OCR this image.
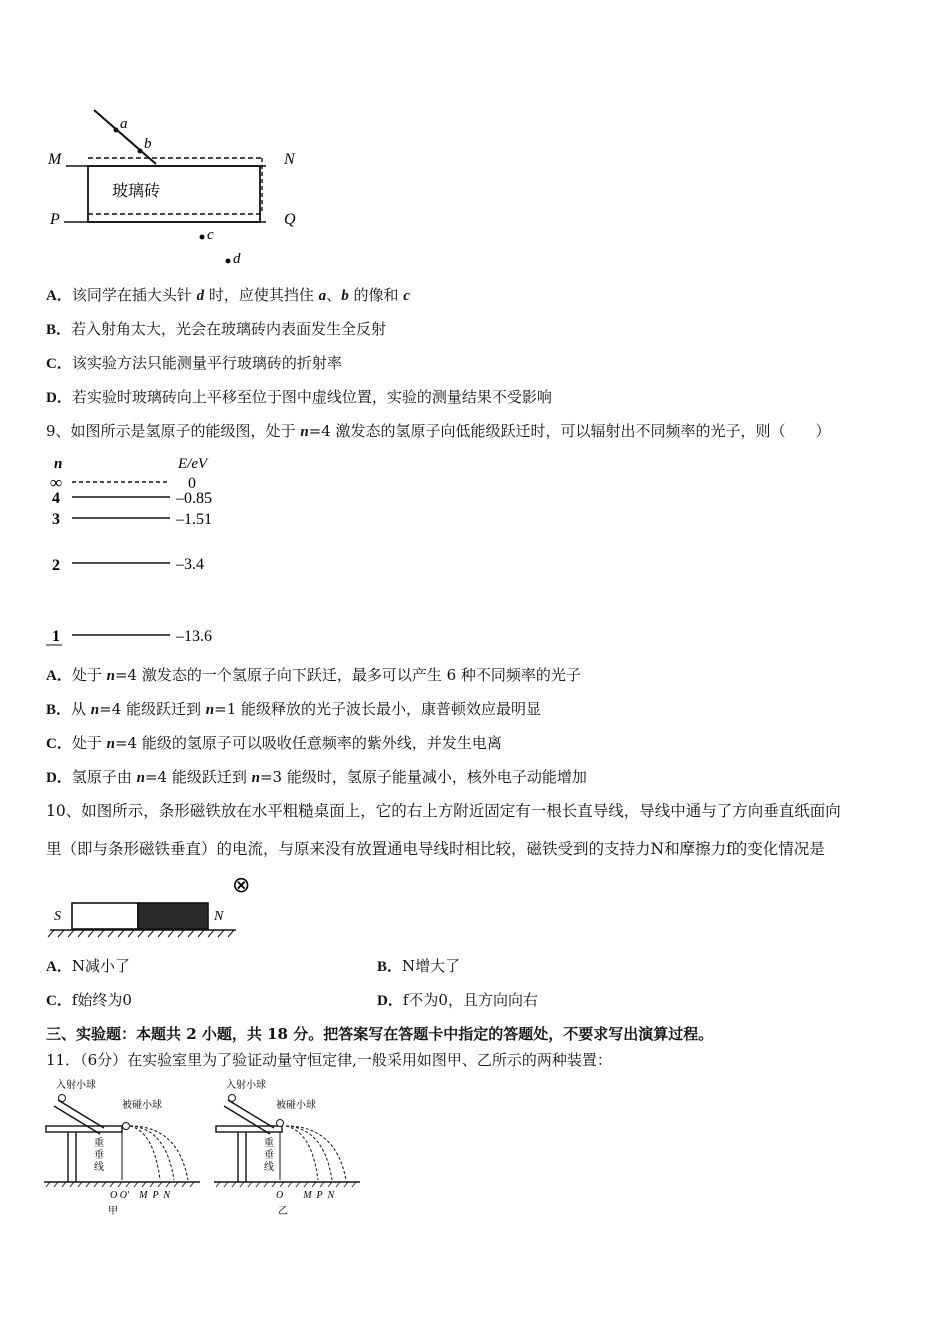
a
b
玻璃砖
M	N
P	Q
c
d
A．该同学在插大头针 d 时，应使其挡住 a、b 的像和 c
B．若入射角太大，光会在玻璃砖内表面发生全反射
C．该实验方法只能测量平行玻璃砖的折射率
D．若实验时玻璃砖向上平移至位于图中虚线位置，实验的测量结果不受影响
9、如图所示是氢原子的能级图，处于 n=4 激发态的氢原子向低能级跃迁时，可以辐射出不同频率的光子，则（　　）
n	E/eV
∞	0
4	–0.85
3	–1.51
2	–3.4
1	–13.6
A．处于 n=4 激发态的一个氢原子向下跃迁，最多可以产生 6 种不同频率的光子
B．从 n=4 能级跃迁到 n=1 能级释放的光子波长最小，康普顿效应最明显
C．处于 n=4 能级的氢原子可以吸收任意频率的紫外线，并发生电离
D．氢原子由 n=4 能级跃迁到 n=3 能级时，氢原子能量减小，核外电子动能增加
10、如图所示，条形磁铁放在水平粗糙桌面上，它的右上方附近固定有一根长直导线，导线中通与了方向垂直纸面向
里（即与条形磁铁垂直）的电流，与原来没有放置通电导线时相比较，磁铁受到的支持力N和摩擦力f的变化情况是
⊗
S	N
A．N减小了	B．N增大了
C．f始终为0	D．f不为0，且方向向右
三、实验题：本题共 2 小题，共 18 分。把答案写在答题卡中指定的答题处，不要求写出演算过程。
11．（6分）在实验室里为了验证动量守恒定律,一般采用如图甲、乙所示的两种装置：
入射小球
被碰小球
重
垂
线
O O′　M  P  N
甲
入射小球
被碰小球
重
垂
线
O　　M  P  N
乙
